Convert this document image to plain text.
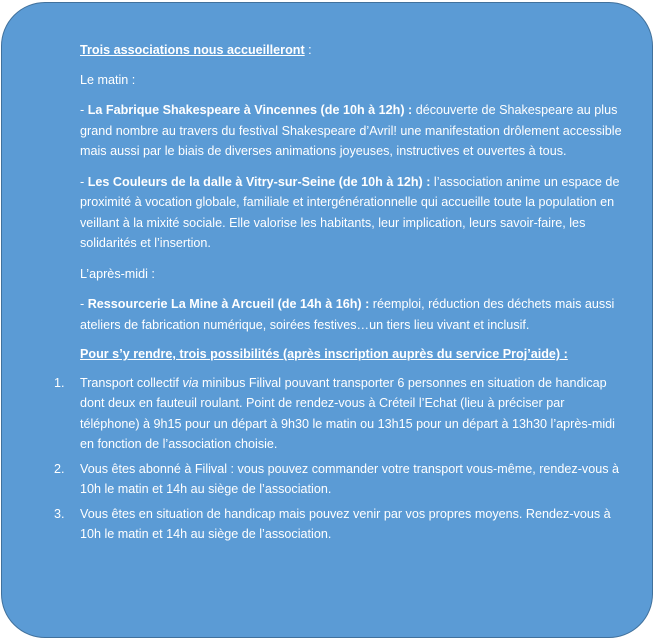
Trois associations nous accueilleront :

Le matin :

- La Fabrique Shakespeare à Vincennes (de 10h à 12h) : découverte de Shakespeare au plus grand nombre au travers du festival Shakespeare d’Avril! une manifestation drôlement accessible mais aussi par le biais de diverses animations joyeuses, instructives et ouvertes à tous.

- Les Couleurs de la dalle à Vitry-sur-Seine (de 10h à 12h) : l’association anime un espace de proximité à vocation globale, familiale et intergénérationnelle qui accueille toute la population en veillant à la mixité sociale. Elle valorise les habitants, leur implication, leurs savoir-faire, les solidarités et l’insertion.

L’après-midi :

- Ressourcerie La Mine à Arcueil (de 14h à 16h) : réemploi, réduction des déchets mais aussi ateliers de fabrication numérique, soirées festives…un tiers lieu vivant et inclusif.

Pour s’y rendre, trois possibilités (après inscription auprès du service Proj’aide) :

1. Transport collectif via minibus Filival pouvant transporter 6 personnes en situation de handicap dont deux en fauteuil roulant. Point de rendez-vous à Créteil l’Echat (lieu à préciser par téléphone) à 9h15 pour un départ à 9h30 le matin ou 13h15 pour un départ à 13h30 l’après-midi en fonction de l’association choisie.
2. Vous êtes abonné à Filival : vous pouvez commander votre transport vous-même, rendez-vous à 10h le matin et 14h au siège de l’association.
3. Vous êtes en situation de handicap mais pouvez venir par vos propres moyens. Rendez-vous à 10h le matin et 14h au siège de l’association.
